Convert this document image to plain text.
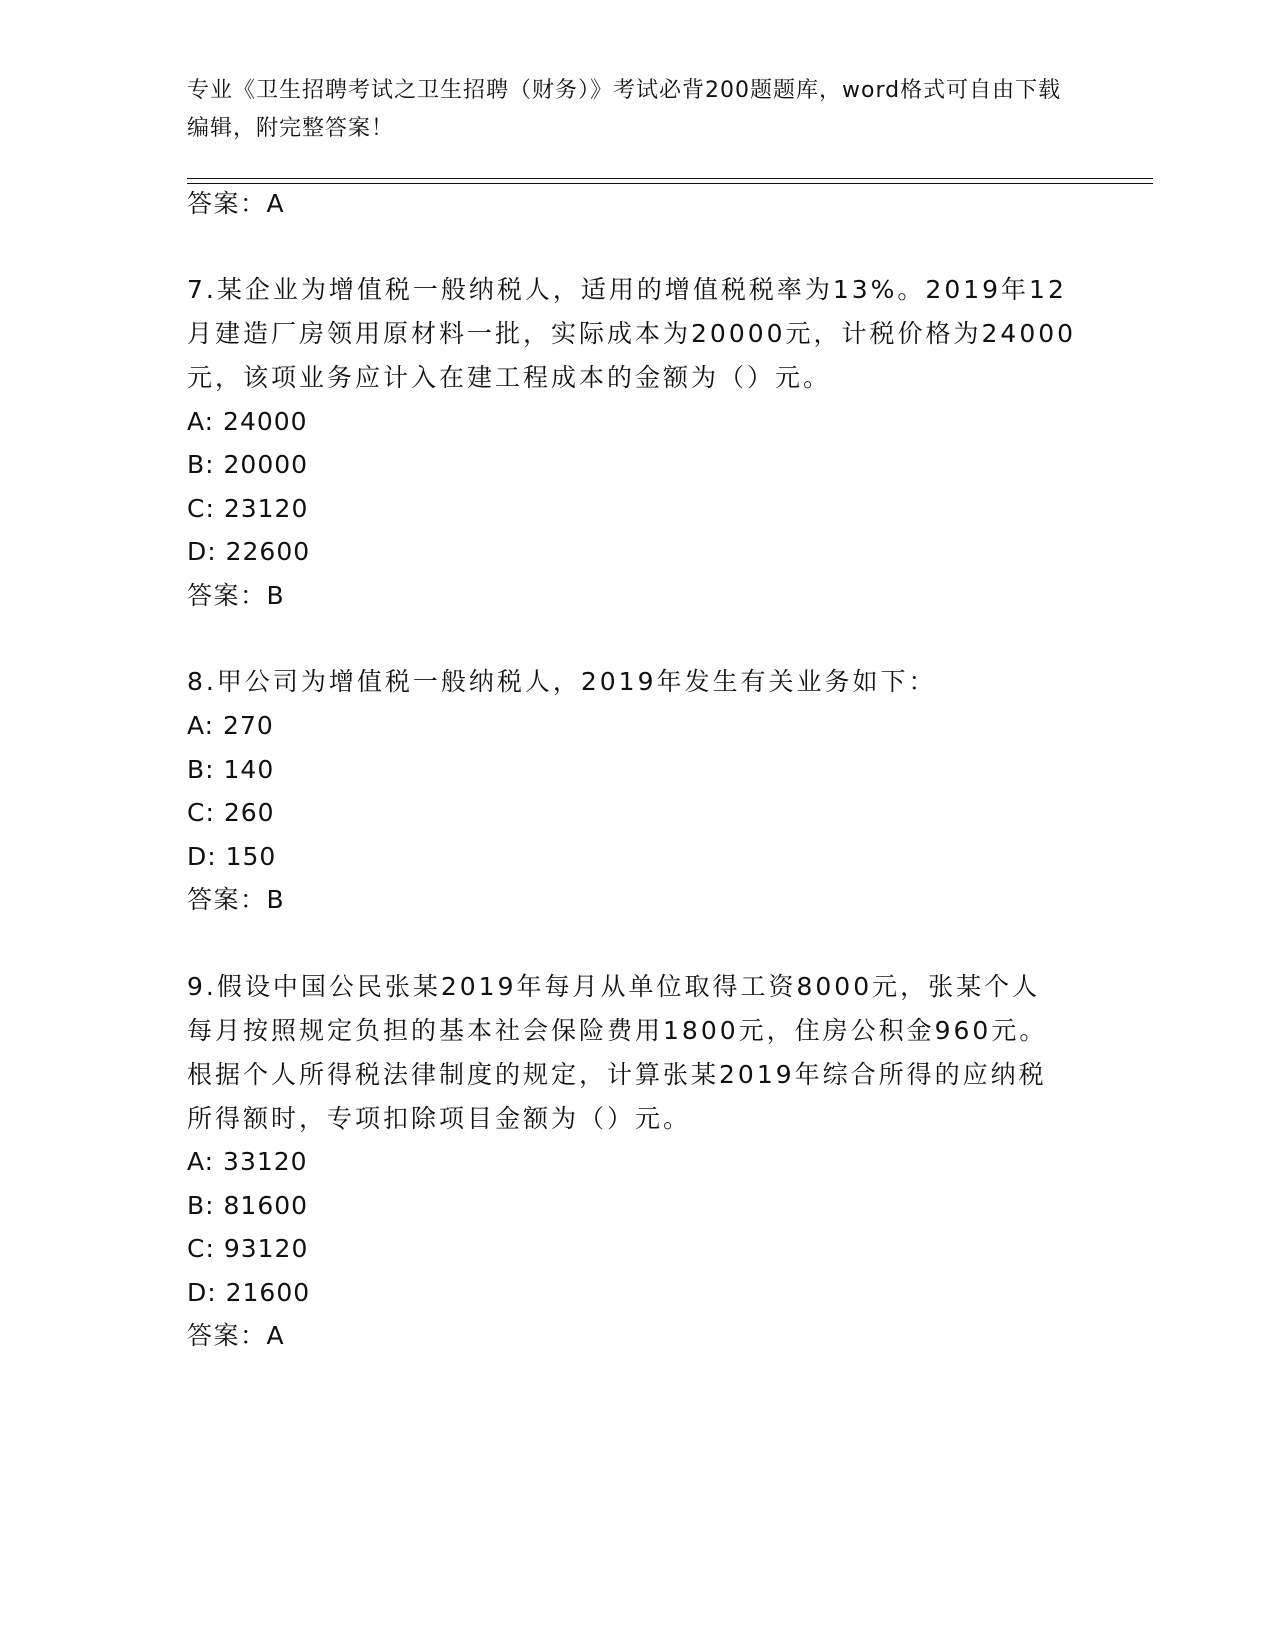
专业《卫生招聘考试之卫生招聘（财务）》考试必背200题题库，word格式可自由下载编辑，附完整答案！
答案：A
7.某企业为增值税一般纳税人，适用的增值税税率为13%。2019年12
月建造厂房领用原材料一批，实际成本为20000元，计税价格为24000
元，该项业务应计入在建工程成本的金额为（）元。
A: 24000
B: 20000
C: 23120
D: 22600
答案：B
8.甲公司为增值税一般纳税人，2019年发生有关业务如下：
A: 270
B: 140
C: 260
D: 150
答案：B
9.假设中国公民张某2019年每月从单位取得工资8000元，张某个人
每月按照规定负担的基本社会保险费用1800元，住房公积金960元。
根据个人所得税法律制度的规定，计算张某2019年综合所得的应纳税
所得额时，专项扣除项目金额为（）元。
A: 33120
B: 81600
C: 93120
D: 21600
答案：A
